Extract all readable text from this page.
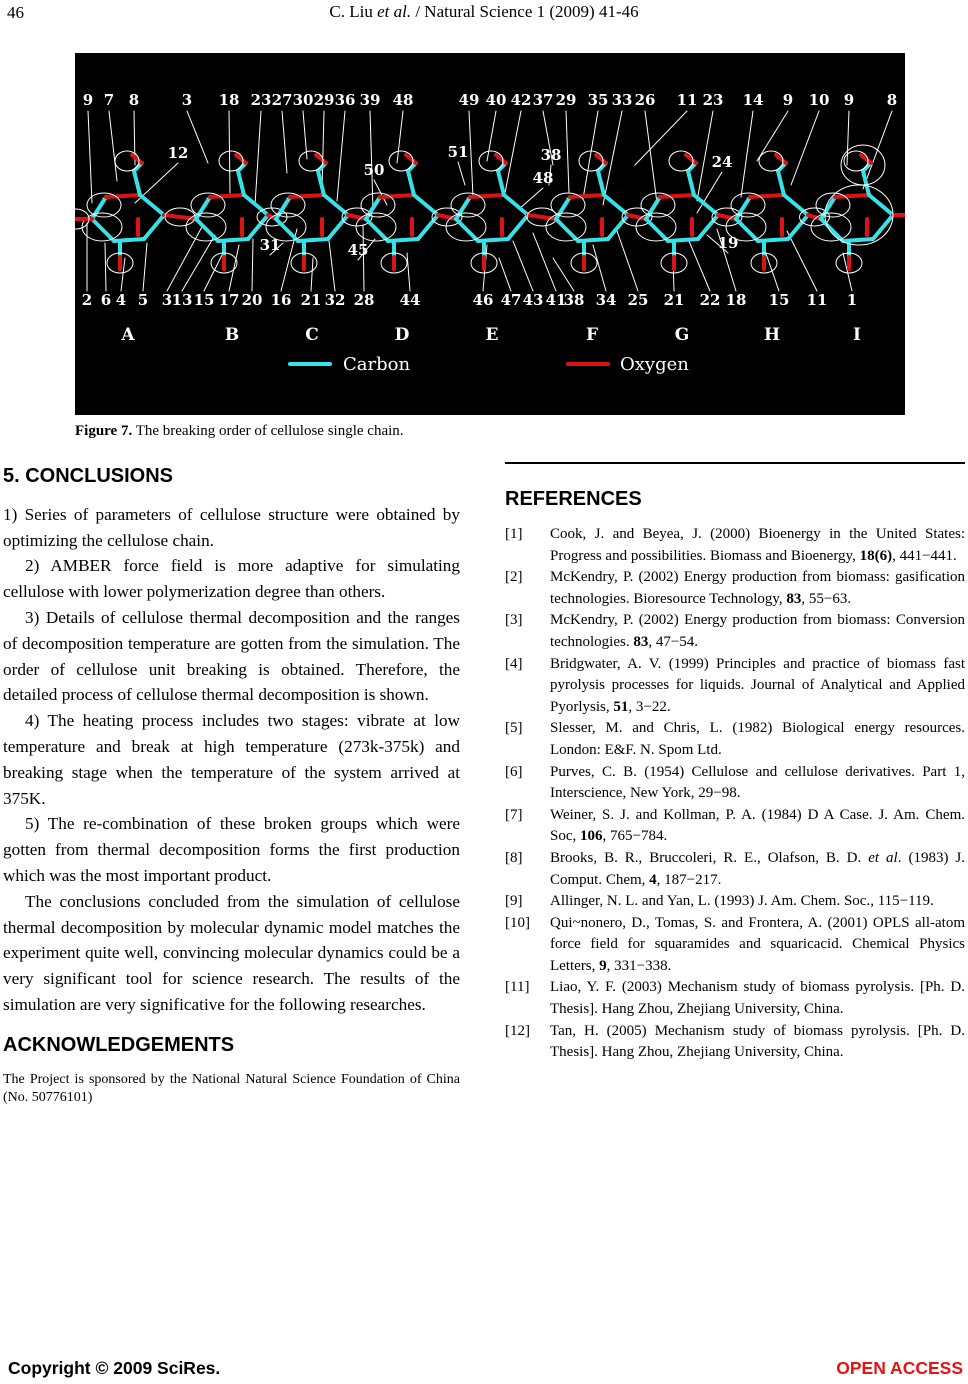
46	C. Liu et al. / Natural Science 1 (2009) 41-46
9 7 8	3 18 23 27 30 29 36 39 48	49 40 42 37 29 35 33 26 11 23 14 9 10 9 8
2 6 4 5 3 13 15 17 20 16 21 32 28 44	46 47 43 41
38 34 25 21 22 18 15 11 1
12	51
50
38
48
24
31	45	19
A	B	C	D	E	F	G	H	I
Carbon	Oxygen
Figure 7. The breaking order of cellulose single chain.
5. CONCLUSIONS

1) Series of parameters of cellulose structure were obtained by optimizing the cellulose chain.

2) AMBER force field is more adaptive for simulating cellulose with lower polymerization degree than others.

3) Details of cellulose thermal decomposition and the ranges of decomposition temperature are gotten from the simulation. The order of cellulose unit breaking is obtained. Therefore, the detailed process of cellulose thermal decomposition is shown.

4) The heating process includes two stages: vibrate at low temperature and break at high temperature (273k-375k) and breaking stage when the temperature of the system arrived at 375K.

5) The re-combination of these broken groups which were gotten from thermal decomposition forms the first production which was the most important product.

The conclusions concluded from the simulation of cellulose thermal decomposition by molecular dynamic model matches the experiment quite well, convincing molecular dynamics could be a very significant tool for science research. The results of the simulation are very significative for the following researches.

ACKNOWLEDGEMENTS

The Project is sponsored by the National Natural Science Foundation of China (No. 50776101)

REFERENCES
[1]	Cook, J. and Beyea, J. (2000) Bioenergy in the United States: Progress and possibilities. Biomass and Bioenergy, 18(6), 441−441.
[2]	McKendry, P. (2002) Energy production from biomass: gasification technologies. Bioresource Technology, 83, 55−63.
[3]	McKendry, P. (2002) Energy production from biomass: Conversion technologies. 83, 47−54.
[4]	Bridgwater, A. V. (1999) Principles and practice of biomass fast pyrolysis processes for liquids. Journal of Analytical and Applied Pyorlysis, 51, 3−22.
[5]	Slesser, M. and Chris, L. (1982) Biological energy resources. London: E&F. N. Spom Ltd.
[6]	Purves, C. B. (1954) Cellulose and cellulose derivatives. Part 1, Interscience, New York, 29−98.
[7]	Weiner, S. J. and Kollman, P. A. (1984) D A Case. J. Am. Chem. Soc, 106, 765−784.
[8]	Brooks, B. R., Bruccoleri, R. E., Olafson, B. D. et al. (1983) J. Comput. Chem, 4, 187−217.
[9]	Allinger, N. L. and Yan, L. (1993) J. Am. Chem. Soc., 115−119.
[10]	Qui~nonero, D., Tomas, S. and Frontera, A. (2001) OPLS all-atom force field for squaramides and squaricacid. Chemical Physics Letters, 9, 331−338.
[11]	Liao, Y. F. (2003) Mechanism study of biomass pyrolysis. [Ph. D. Thesis]. Hang Zhou, Zhejiang University, China.
[12]	Tan, H. (2005) Mechanism study of biomass pyrolysis. [Ph. D. Thesis]. Hang Zhou, Zhejiang University, China.
Copyright © 2009 SciRes.	OPEN ACCESS
